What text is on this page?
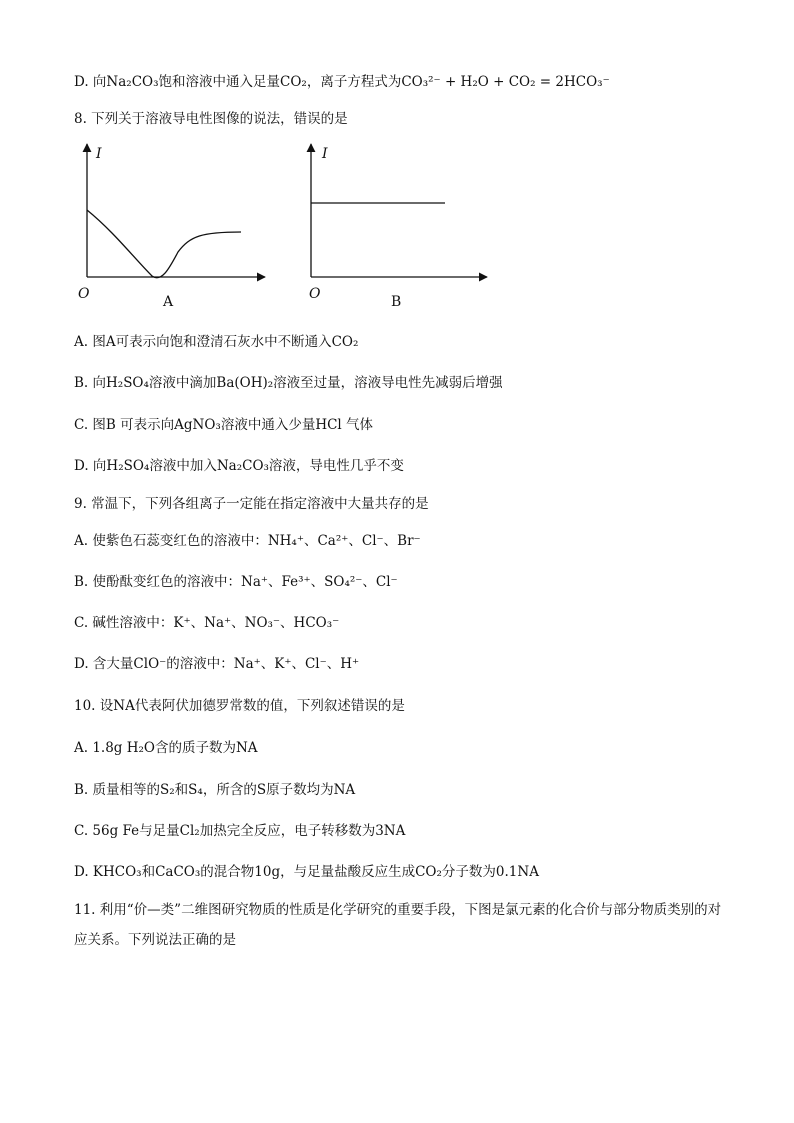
D. 向Na₂CO₃饱和溶液中通入足量CO₂，离子方程式为CO₃²⁻ + H₂O + CO₂ = 2HCO₃⁻
8. 下列关于溶液导电性图像的说法，错误的是
I
O	A
I
O	B
A. 图A可表示向饱和澄清石灰水中不断通入CO₂
B. 向H₂SO₄溶液中滴加Ba(OH)₂溶液至过量，溶液导电性先减弱后增强
C. 图B 可表示向AgNO₃溶液中通入少量HCl 气体
D. 向H₂SO₄溶液中加入Na₂CO₃溶液，导电性几乎不变
9. 常温下，下列各组离子一定能在指定溶液中大量共存的是
A. 使紫色石蕊变红色的溶液中：NH₄⁺、Ca²⁺、Cl⁻、Br⁻
B. 使酚酞变红色的溶液中：Na⁺、Fe³⁺、SO₄²⁻、Cl⁻
C. 碱性溶液中：K⁺、Na⁺、NO₃⁻、HCO₃⁻
D. 含大量ClO⁻的溶液中：Na⁺、K⁺、Cl⁻、H⁺
10. 设NA代表阿伏加德罗常数的值，下列叙述错误的是
A. 1.8g H₂O含的质子数为NA
B. 质量相等的S₂和S₄，所含的S原子数均为NA
C. 56g Fe与足量Cl₂加热完全反应，电子转移数为3NA
D. KHCO₃和CaCO₃的混合物10g，与足量盐酸反应生成CO₂分子数为0.1NA
11. 利用“价—类”二维图研究物质的性质是化学研究的重要手段，下图是氯元素的化合价与部分物质类别的对应关系。下列说法正确的是
